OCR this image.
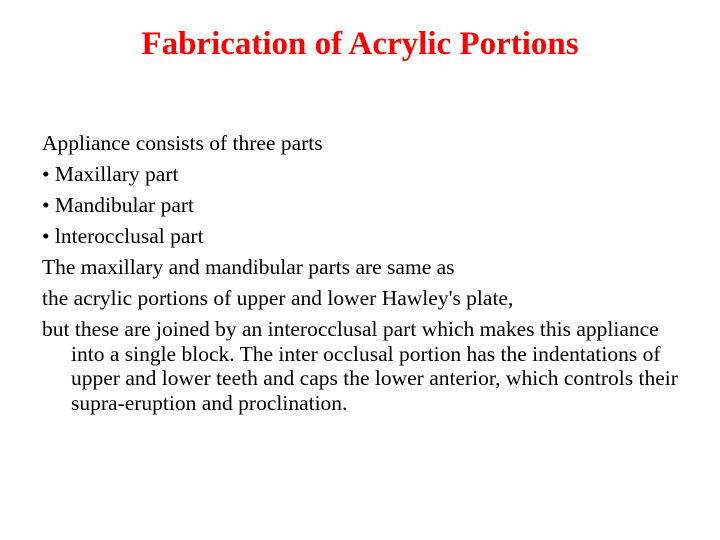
Fabrication of Acrylic Portions
Appliance consists of three parts
• Maxillary part
• Mandibular part
• lnterocclusal part
The maxillary and mandibular parts are same as
the acrylic portions of upper and lower Hawley's plate,
but these are joined by an interocclusal part which makes this appliance into a single block. The inter occlusal portion has the indentations of upper and lower teeth and caps the lower anterior, which controls their supra-eruption and proclination.
